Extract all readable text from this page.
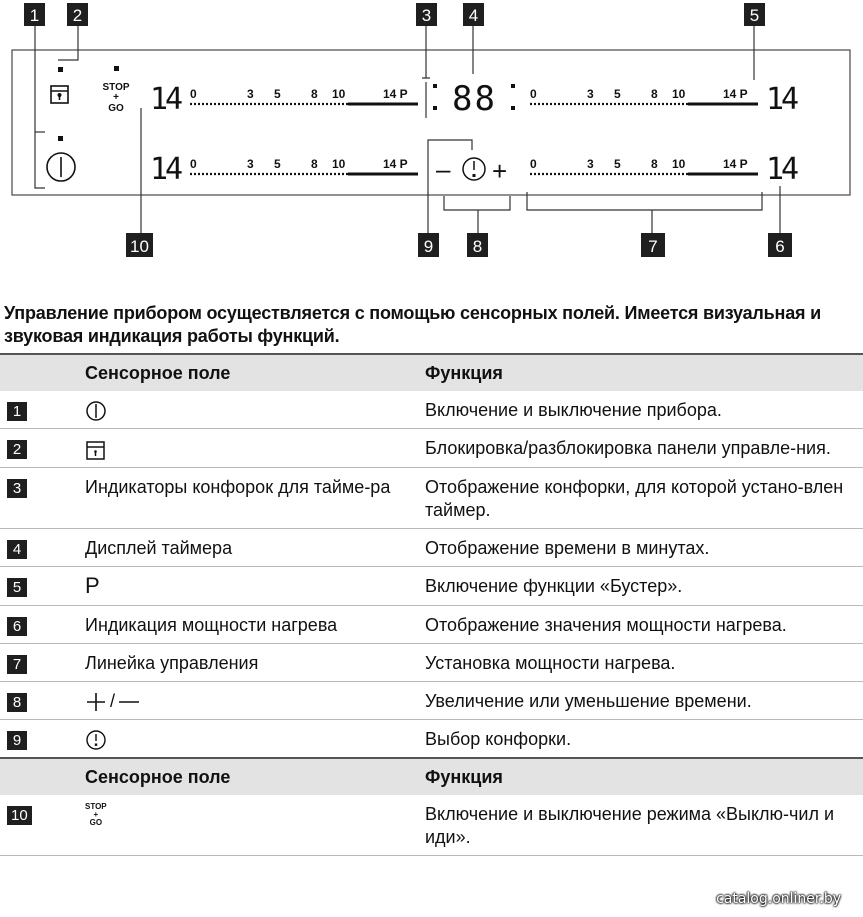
1 2	3 4	5
10	9 8	7	6
STOP
+
GO 14
14
14
14
0	3 5	8 10	14 P	0	3 5	8 10	14 P
0	3 5	8 10	14 P	0	3 5	8 10	14 P
88
– +

Управление прибором осуществляется с помощью сенсорных полей. Имеется визуальная и звуковая индикация работы функций.

	Сенсорное поле	Функция
1		Включение и выключение прибора.
2		Блокировка/разблокировка панели управле-ния.
3	Индикаторы конфорок для тайме-ра	Отображение конфорки, для которой устано-влен таймер.
4	Дисплей таймера	Отображение времени в минутах.
5	P	Включение функции «Бустер».
6	Индикация мощности нагрева	Отображение значения мощности нагрева.
7	Линейка управления	Установка мощности нагрева.
8	/	Увеличение или уменьшение времени.
9		Выбор конфорки.
	Сенсорное поле	Функция
10	STOP
+
GO	Включение и выключение режима «Выклю-чил и иди».
catalog.onliner.by
